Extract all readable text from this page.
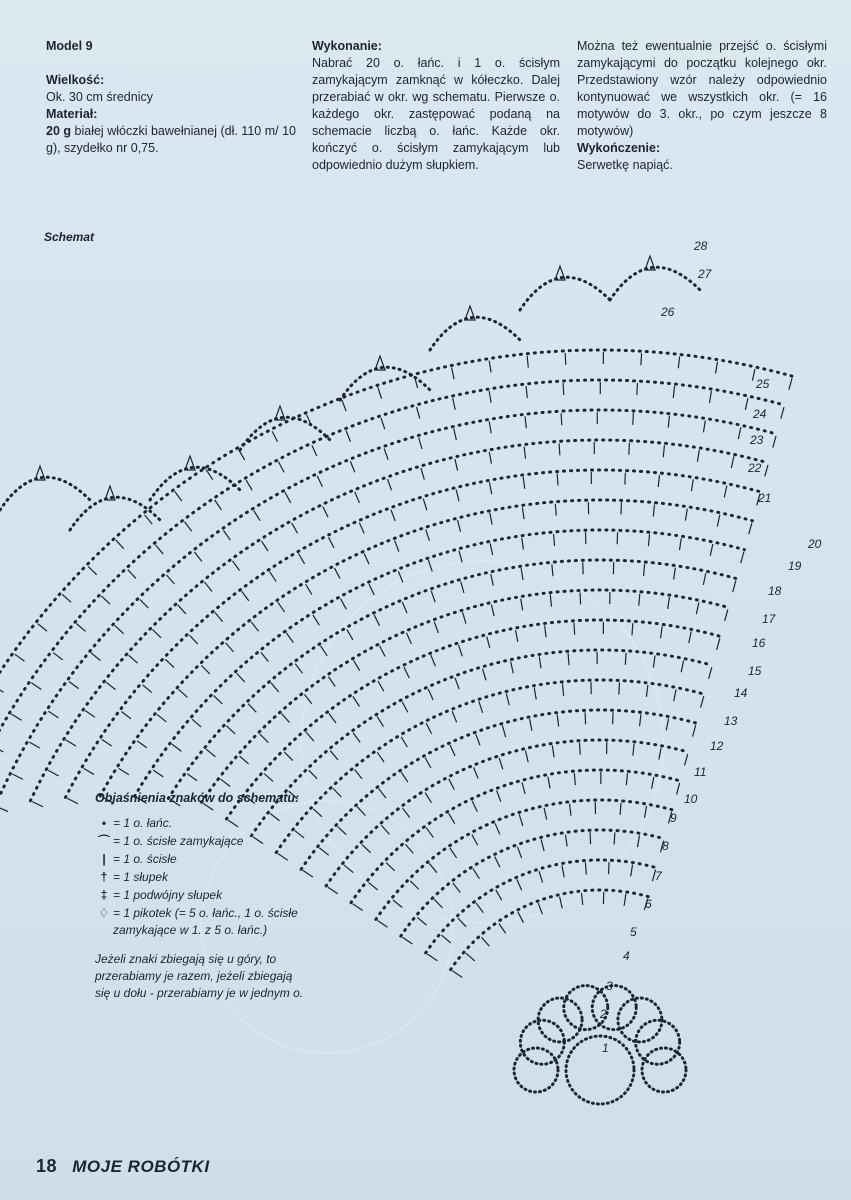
Model 9

Wielkość:

Ok. 30 cm średnicy

Materiał:

20 g białej włóczki bawełnianej (dł. 110 m/ 10 g), szydełko nr 0,75.

Wykonanie:

Nabrać 20 o. łańc. i 1 o. ścisłym zamykającym zamknąć w kółeczko. Dalej przerabiać w okr. wg schematu. Pierwsze o. każdego okr. zastępować podaną na schemacie liczbą o. łańc. Każde okr. kończyć o. ścisłym zamykającym lub odpowiednio dużym słupkiem.

Można też ewentualnie przejść o. ścisłymi zamykającymi do początku kolejnego okr. Przedstawiony wzór należy odpowiednio kontynuować we wszystkich okr. (= 16 motywów do 3. okr., po czym jeszcze 8 motywów)

Wykończenie:

Serwetkę napiąć.

Schemat
1
2
3
4
5
6
7
8
9
10
11
12
13
14
15
16
17
18
19
20
21
22
23
24
25
26
27
28
Objaśnienia znaków do schematu:
• = 1 o. łańc.
⌒ = 1 o. ścisłe zamykające
| = 1 o. ścisłe
† = 1 słupek
‡ = 1 podwójny słupek
♢ = 1 pikotek (= 5 o. łańc., 1 o. ścisłe zamykające w 1. z 5 o. łańc.)

Jeżeli znaki zbiegają się u góry, to przerabiamy je razem, jeżeli zbiegają się u dołu - przerabiamy je w jednym o.

18 MOJE ROBÓTKI
